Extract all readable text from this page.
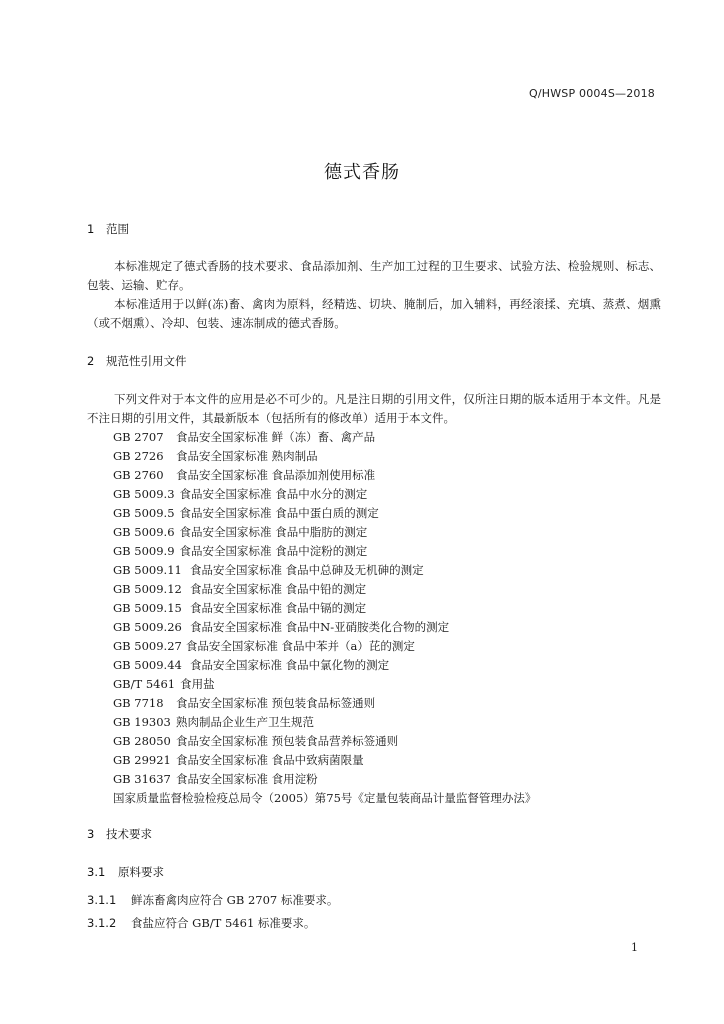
Q/HWSP 0004S—2018
德式香肠
1 范围

本标准规定了德式香肠的技术要求、食品添加剂、生产加工过程的卫生要求、试验方法、检验规则、标志、包装、运输、贮存。

本标准适用于以鲜(冻)畜、禽肉为原料，经精选、切块、腌制后，加入辅料，再经滚揉、充填、蒸煮、烟熏（或不烟熏）、冷却、包装、速冻制成的德式香肠。

2 规范性引用文件

下列文件对于本文件的应用是必不可少的。凡是注日期的引用文件，仅所注日期的版本适用于本文件。凡是不注日期的引用文件，其最新版本（包括所有的修改单）适用于本文件。

GB 2707 食品安全国家标准 鲜（冻）畜、禽产品
GB 2726 食品安全国家标准 熟肉制品
GB 2760 食品安全国家标准 食品添加剂使用标准
GB 5009.3 食品安全国家标准 食品中水分的测定
GB 5009.5 食品安全国家标准 食品中蛋白质的测定
GB 5009.6 食品安全国家标准 食品中脂肪的测定
GB 5009.9 食品安全国家标准 食品中淀粉的测定
GB 5009.11 食品安全国家标准 食品中总砷及无机砷的测定
GB 5009.12 食品安全国家标准 食品中铅的测定
GB 5009.15 食品安全国家标准 食品中镉的测定
GB 5009.26 食品安全国家标准 食品中N-亚硝胺类化合物的测定
GB 5009.27 食品安全国家标准 食品中苯并（a）芘的测定
GB 5009.44 食品安全国家标准 食品中氯化物的测定
GB/T 5461 食用盐
GB 7718 食品安全国家标准 预包装食品标签通则
GB 19303 熟肉制品企业生产卫生规范
GB 28050 食品安全国家标准 预包装食品营养标签通则
GB 29921 食品安全国家标准 食品中致病菌限量
GB 31637 食品安全国家标准 食用淀粉
国家质量监督检验检疫总局令（2005）第75号《定量包装商品计量监督管理办法》
3 技术要求
3.1 原料要求
3.1.1 鲜冻畜禽肉应符合 GB 2707 标准要求。
3.1.2 食盐应符合 GB/T 5461 标准要求。
1
